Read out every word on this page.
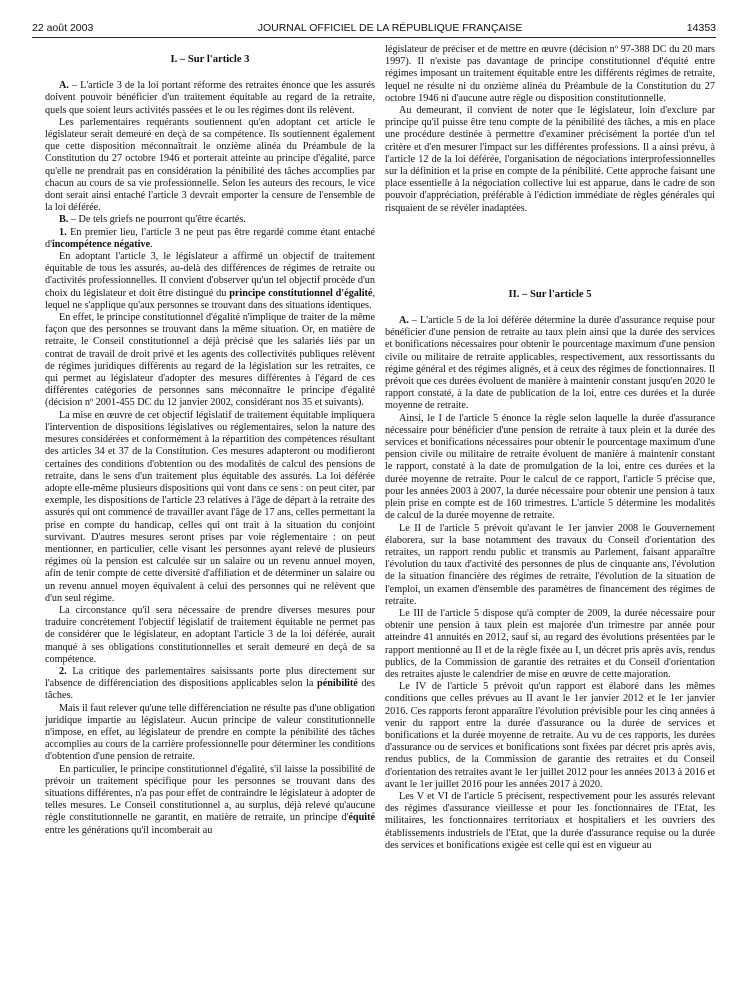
22 août 2003	JOURNAL OFFICIEL DE LA RÉPUBLIQUE FRANÇAISE	14353
I. – Sur l'article 3

A. – L'article 3 de la loi portant réforme des retraites énonce que les assurés doivent pouvoir bénéficier d'un traitement équitable au regard de la retraite, quels que soient leurs activités passées et le ou les régimes dont ils relèvent.

Les parlementaires requérants soutiennent qu'en adoptant cet article le législateur serait demeuré en deçà de sa compétence. Ils soutiennent également que cette disposition méconnaîtrait le onzième alinéa du Préambule de la Constitution du 27 octobre 1946 et porterait atteinte au principe d'égalité, parce qu'elle ne prendrait pas en considération la pénibilité des tâches accomplies par chacun au cours de sa vie professionnelle. Selon les auteurs des recours, le vice dont serait ainsi entaché l'article 3 devrait emporter la censure de l'ensemble de la loi déférée.

B. – De tels griefs ne pourront qu'être écartés.

1. En premier lieu, l'article 3 ne peut pas être regardé comme étant entaché d'incompétence négative.

En adoptant l'article 3, le législateur a affirmé un objectif de traitement équitable de tous les assurés, au-delà des différences de régimes de retraite ou d'activités professionnelles. Il convient d'observer qu'un tel objectif procède d'un choix du législateur et doit être distingué du principe constitutionnel d'égalité, lequel ne s'applique qu'aux personnes se trouvant dans des situations identiques.

En effet, le principe constitutionnel d'égalité n'implique de traiter de la même façon que des personnes se trouvant dans la même situation. Or, en matière de retraite, le Conseil constitutionnel a déjà précisé que les salariés liés par un contrat de travail de droit privé et les agents des collectivités publiques relèvent de régimes juridiques différents au regard de la législation sur les retraites, ce qui permet au législateur d'adopter des mesures différentes à l'égard de ces différentes catégories de personnes sans méconnaître le principe d'égalité (décision nº 2001-455 DC du 12 janvier 2002, considérant nos 35 et suivants).

La mise en œuvre de cet objectif législatif de traitement équitable impliquera l'intervention de dispositions législatives ou réglementaires, selon la nature des mesures considérées et conformément à la répartition des compétences résultant des articles 34 et 37 de la Constitution. Ces mesures adapteront ou modifieront certaines des conditions d'obtention ou des modalités de calcul des pensions de retraite, dans le sens d'un traitement plus équitable des assurés. La loi déférée adopte elle-même plusieurs dispositions qui vont dans ce sens : on peut citer, par exemple, les dispositions de l'article 23 relatives à l'âge de départ à la retraite des assurés qui ont commencé de travailler avant l'âge de 17 ans, celles permettant la prise en compte du handicap, celles qui ont trait à la situation du conjoint survivant. D'autres mesures seront prises par voie réglementaire : on peut mentionner, en particulier, celle visant les personnes ayant relevé de plusieurs régimes où la pension est calculée sur un salaire ou un revenu annuel moyen, afin de tenir compte de cette diversité d'affiliation et de déterminer un salaire ou un revenu annuel moyen équivalent à celui des personnes qui ne relèvent que d'un seul régime.

La circonstance qu'il sera nécessaire de prendre diverses mesures pour traduire concrètement l'objectif législatif de traitement équitable ne permet pas de considérer que le législateur, en adoptant l'article 3 de la loi déférée, aurait manqué à ses obligations constitutionnelles et serait demeuré en deçà de sa compétence.

2. La critique des parlementaires saisissants porte plus directement sur l'absence de différenciation des dispositions applicables selon la pénibilité des tâches.

Mais il faut relever qu'une telle différenciation ne résulte pas d'une obligation juridique impartie au législateur. Aucun principe de valeur constitutionnelle n'impose, en effet, au législateur de prendre en compte la pénibilité des tâches accomplies au cours de la carrière professionnelle pour déterminer les conditions d'obtention d'une pension de retraite.

En particulier, le principe constitutionnel d'égalité, s'il laisse la possibilité de prévoir un traitement spécifique pour les personnes se trouvant dans des situations différentes, n'a pas pour effet de contraindre le législateur à adopter de telles mesures. Le Conseil constitutionnel a, au surplus, déjà relevé qu'aucune règle constitutionnelle ne garantit, en matière de retraite, un principe d'équité entre les générations qu'il incomberait au

législateur de préciser et de mettre en œuvre (décision nº 97-388 DC du 20 mars 1997). Il n'existe pas davantage de principe constitutionnel d'équité entre régimes imposant un traitement équitable entre les différents régimes de retraite, lequel ne résulte ni du onzième alinéa du Préambule de la Constitution du 27 octobre 1946 ni d'aucune autre règle ou disposition constitutionnelle.

Au demeurant, il convient de noter que le législateur, loin d'exclure par principe qu'il puisse être tenu compte de la pénibilité des tâches, a mis en place une procédure destinée à permettre d'examiner précisément la portée d'un tel critère et d'en mesurer l'impact sur les différentes professions. Il a ainsi prévu, à l'article 12 de la loi déférée, l'organisation de négociations interprofessionnelles sur la définition et la prise en compte de la pénibilité. Cette approche faisant une place essentielle à la négociation collective lui est apparue, dans le cadre de son pouvoir d'appréciation, préférable à l'édiction immédiate de règles générales qui risquaient de se révéler inadaptées.

II. – Sur l'article 5

A. – L'article 5 de la loi déférée détermine la durée d'assurance requise pour bénéficier d'une pension de retraite au taux plein ainsi que la durée des services et bonifications nécessaires pour obtenir le pourcentage maximum d'une pension civile ou militaire de retraite applicables, respectivement, aux ressortissants du régime général et des régimes alignés, et à ceux des régimes de fonctionnaires. Il prévoit que ces durées évoluent de manière à maintenir constant jusqu'en 2020 le rapport constaté, à la date de publication de la loi, entre ces durées et la durée moyenne de retraite.

Ainsi, le I de l'article 5 énonce la règle selon laquelle la durée d'assurance nécessaire pour bénéficier d'une pension de retraite à taux plein et la durée des services et bonifications nécessaires pour obtenir le pourcentage maximum d'une pension civile ou militaire de retraite évoluent de manière à maintenir constant le rapport, constaté à la date de promulgation de la loi, entre ces durées et la durée moyenne de retraite. Pour le calcul de ce rapport, l'article 5 précise que, pour les années 2003 à 2007, la durée nécessaire pour obtenir une pension à taux plein prise en compte est de 160 trimestres. L'article 5 détermine les modalités de calcul de la durée moyenne de retraite.

Le II de l'article 5 prévoit qu'avant le 1er janvier 2008 le Gouvernement élaborera, sur la base notamment des travaux du Conseil d'orientation des retraites, un rapport rendu public et transmis au Parlement, faisant apparaître l'évolution du taux d'activité des personnes de plus de cinquante ans, l'évolution de la situation financière des régimes de retraite, l'évolution de la situation de l'emploi, un examen d'ensemble des paramètres de financement des régimes de retraite.

Le III de l'article 5 dispose qu'à compter de 2009, la durée nécessaire pour obtenir une pension à taux plein est majorée d'un trimestre par année pour atteindre 41 annuités en 2012, sauf si, au regard des évolutions présentées par le rapport mentionné au II et de la règle fixée au I, un décret pris après avis, rendus publics, de la Commission de garantie des retraites et du Conseil d'orientation des retraites ajuste le calendrier de mise en œuvre de cette majoration.

Le IV de l'article 5 prévoit qu'un rapport est élaboré dans les mêmes conditions que celles prévues au II avant le 1er janvier 2012 et le 1er janvier 2016. Ces rapports feront apparaître l'évolution prévisible pour les cinq années à venir du rapport entre la durée d'assurance ou la durée de services et bonifications et la durée moyenne de retraite. Au vu de ces rapports, les durées d'assurance ou de services et bonifications sont fixées par décret pris après avis, rendus publics, de la Commission de garantie des retraites et du Conseil d'orientation des retraites avant le 1er juillet 2012 pour les années 2013 à 2016 et avant le 1er juillet 2016 pour les années 2017 à 2020.

Les V et VI de l'article 5 précisent, respectivement pour les assurés relevant des régimes d'assurance vieillesse et pour les fonctionnaires de l'Etat, les militaires, les fonctionnaires territoriaux et hospitaliers et les ouvriers des établissements industriels de l'Etat, que la durée d'assurance requise ou la durée des services et bonifications exigée est celle qui est en vigueur au
